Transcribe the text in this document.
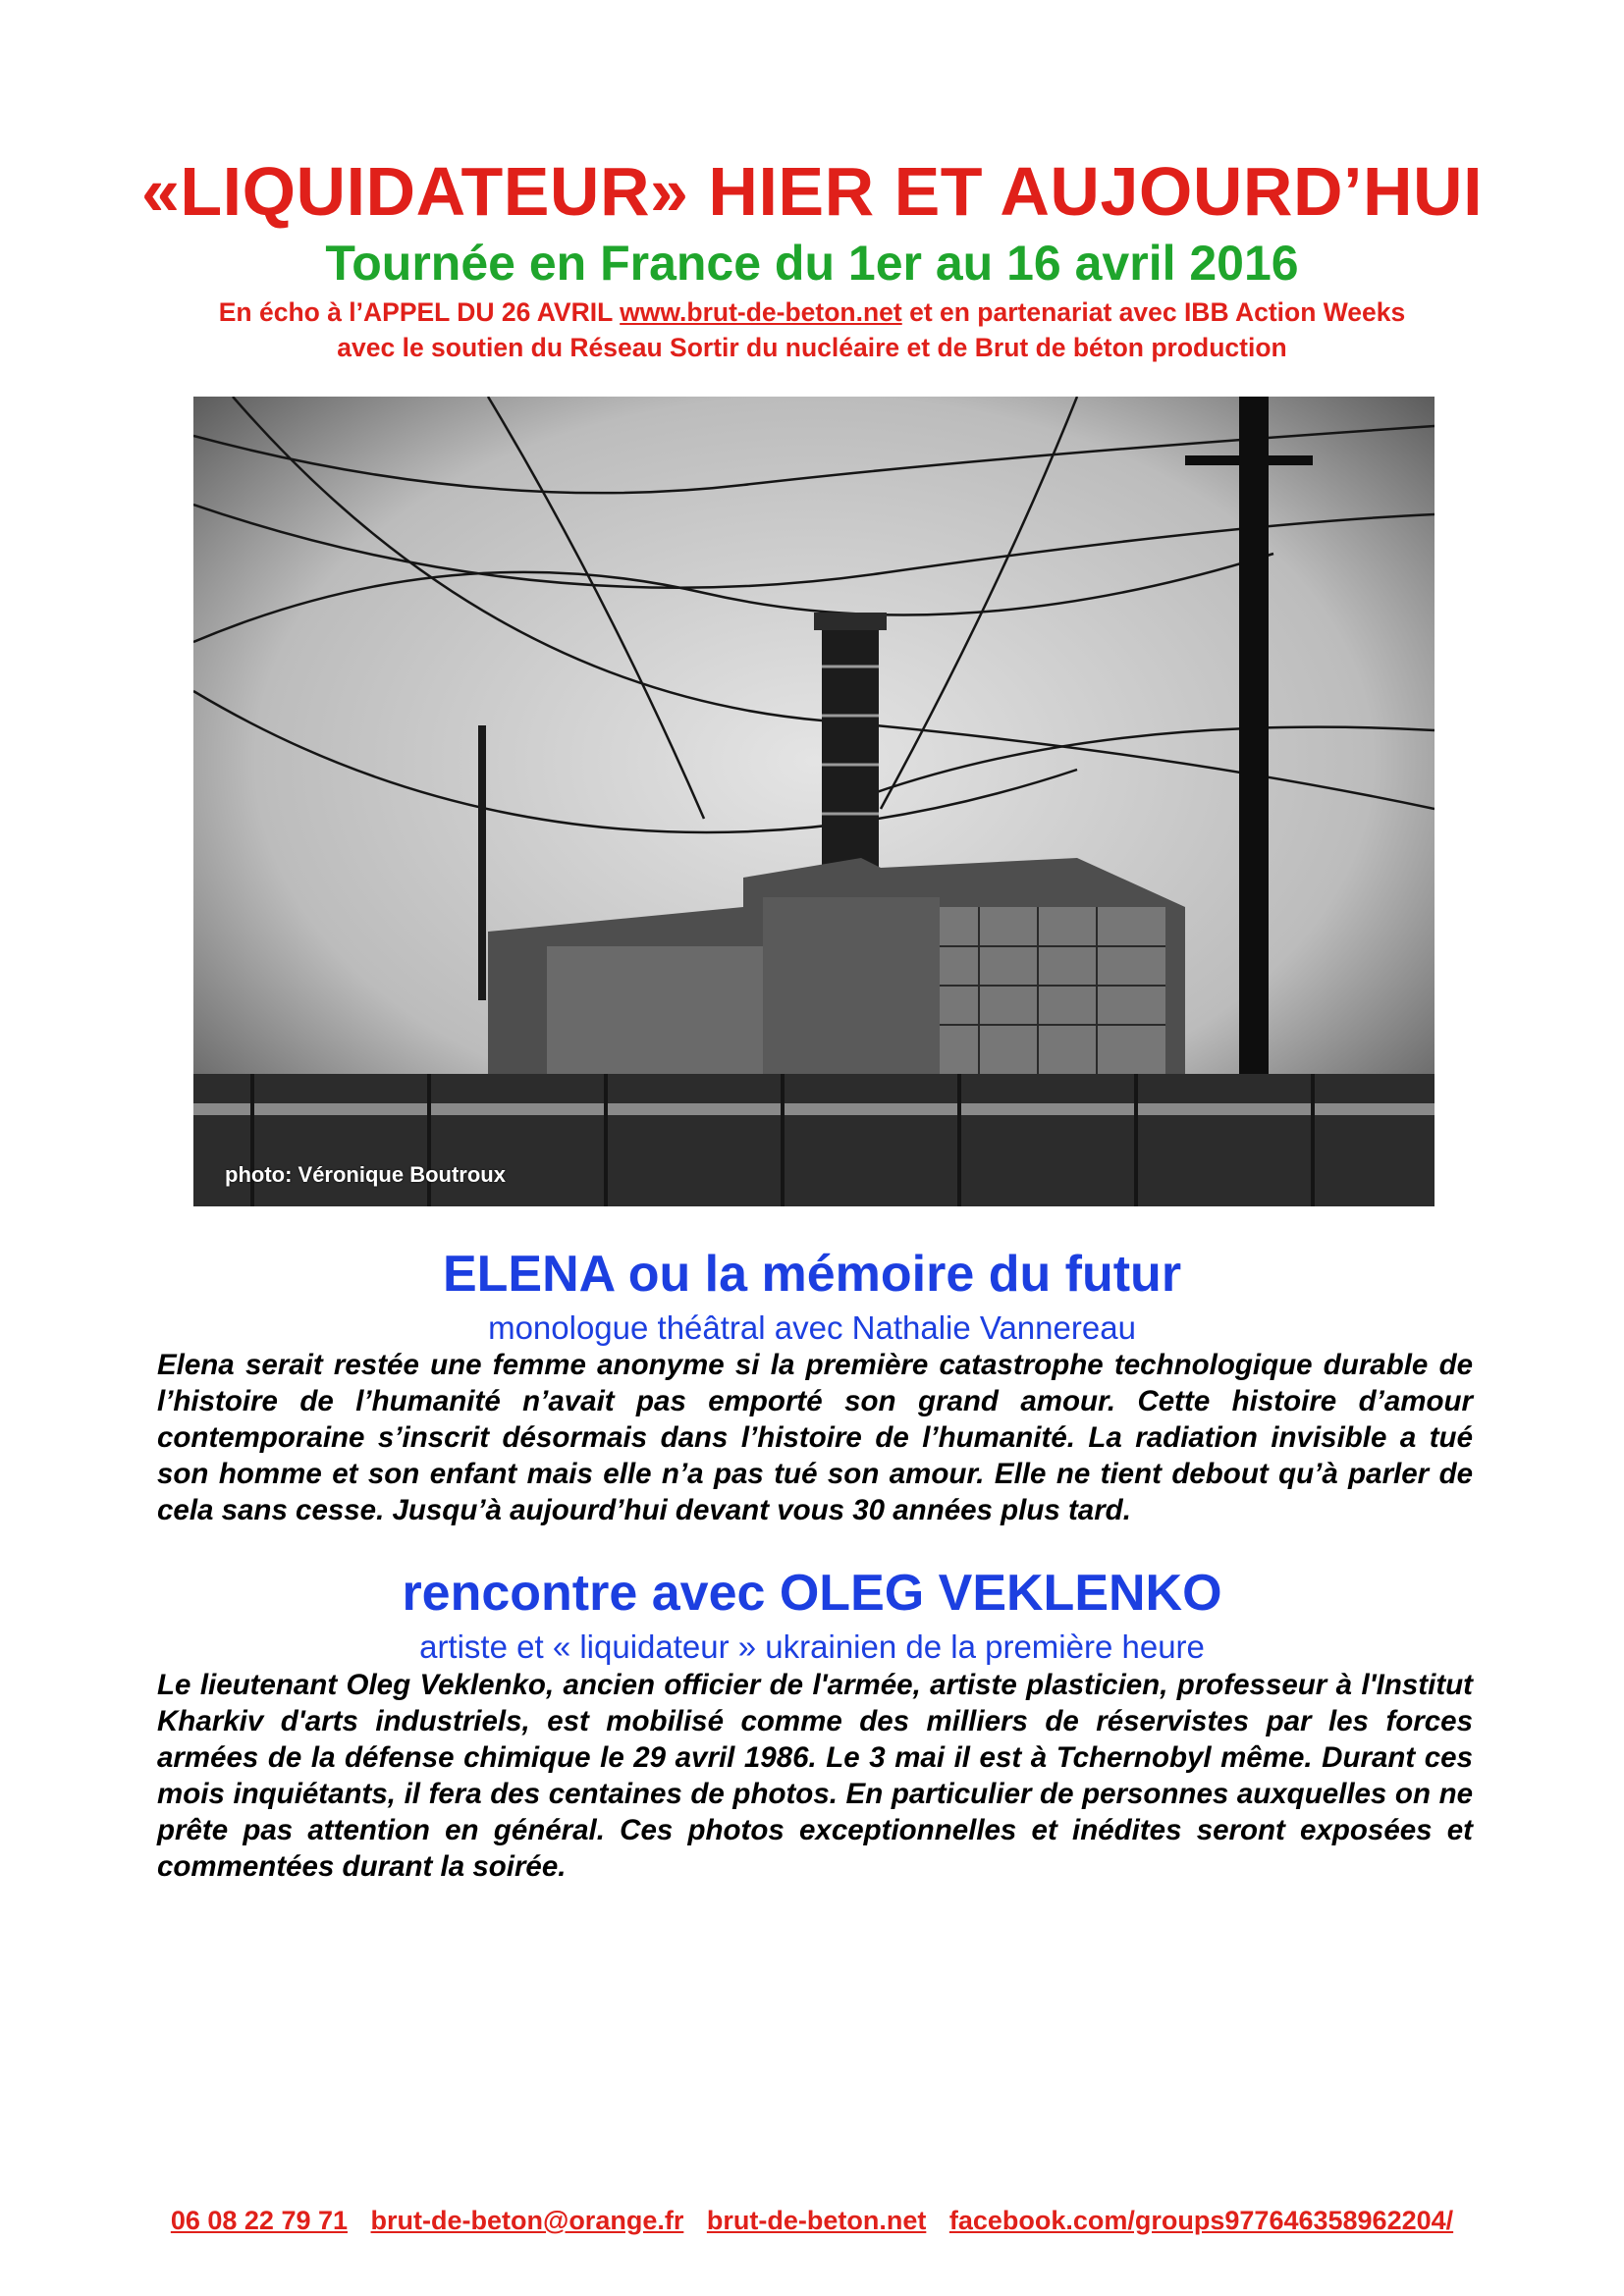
«LIQUIDATEUR» HIER ET AUJOURD’HUI
Tournée en France du 1er au 16 avril 2016
En écho à l’APPEL DU 26 AVRIL www.brut-de-beton.net et en partenariat avec IBB Action Weeks
avec le soutien du Réseau Sortir du nucléaire et de Brut de béton production
photo: Véronique Boutroux
ELENA ou la mémoire du futur
monologue théâtral avec Nathalie Vannereau

Elena serait restée une femme anonyme si la première catastrophe technologique durable de l’histoire de l’humanité n’avait pas emporté son grand amour. Cette histoire d’amour contemporaine s’inscrit désormais dans l’histoire de l’humanité. La radiation invisible a tué son homme et son enfant mais elle n’a pas tué son amour. Elle ne tient debout qu’à parler de cela sans cesse. Jusqu’à aujourd’hui devant vous 30 années plus tard.

rencontre avec OLEG VEKLENKO
artiste et « liquidateur » ukrainien de la première heure

Le lieutenant Oleg Veklenko, ancien officier de l'armée, artiste plasticien, professeur à l'Institut Kharkiv d'arts industriels, est mobilisé comme des milliers de réservistes par les forces armées de la défense chimique le 29 avril 1986. Le 3 mai il est à Tchernobyl même. Durant ces mois inquiétants, il fera des centaines de photos. En particulier de personnes auxquelles on ne prête pas attention en général. Ces photos exceptionnelles et inédites seront exposées et commentées durant la soirée.

06 08 22 79 71 brut-de-beton@orange.fr brut-de-beton.net facebook.com/groups977646358962204/
